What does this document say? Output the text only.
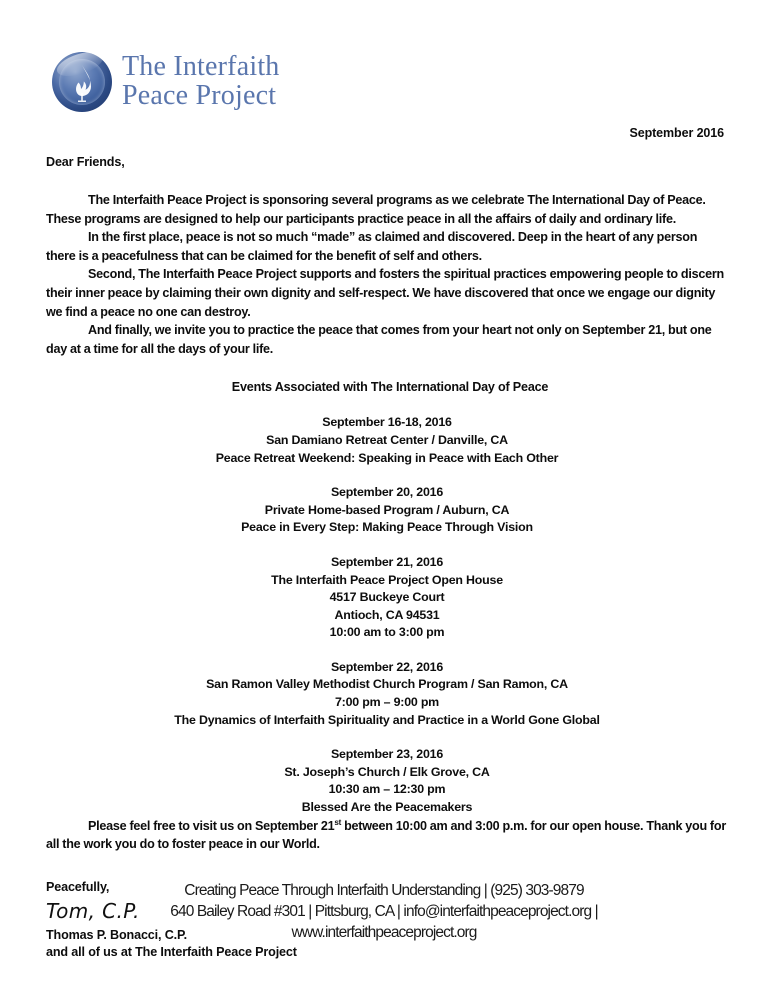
The Interfaith
Peace Project
September 2016
Dear Friends,

The Interfaith Peace Project is sponsoring several programs as we celebrate The International Day of Peace. These programs are designed to help our participants practice peace in all the affairs of daily and ordinary life.

In the first place, peace is not so much “made” as claimed and discovered. Deep in the heart of any person there is a peacefulness that can be claimed for the benefit of self and others.

Second, The Interfaith Peace Project supports and fosters the spiritual practices empowering people to discern their inner peace by claiming their own dignity and self-respect. We have discovered that once we engage our dignity we find a peace no one can destroy.

And finally, we invite you to practice the peace that comes from your heart not only on September 21, but one day at a time for all the days of your life.

Events Associated with The International Day of Peace
September 16-18, 2016
San Damiano Retreat Center / Danville, CA
Peace Retreat Weekend: Speaking in Peace with Each Other
September 20, 2016
Private Home-based Program / Auburn, CA
Peace in Every Step: Making Peace Through Vision
September 21, 2016
The Interfaith Peace Project Open House
4517 Buckeye Court
Antioch, CA 94531
10:00 am to 3:00 pm
September 22, 2016
San Ramon Valley Methodist Church Program / San Ramon, CA
7:00 pm – 9:00 pm
The Dynamics of Interfaith Spirituality and Practice in a World Gone Global
September 23, 2016
St. Joseph’s Church / Elk Grove, CA
10:30 am – 12:30 pm
Blessed Are the Peacemakers

Please feel free to visit us on September 21st between 10:00 am and 3:00 p.m. for our open house. Thank you for all the work you do to foster peace in our World.

Peacefully,
Tom, C.P.
Thomas P. Bonacci, C.P.
and all of us at The Interfaith Peace Project
Creating Peace Through Interfaith Understanding | (925) 303-9879
640 Bailey Road #301 | Pittsburg, CA | info@interfaithpeaceproject.org |
www.interfaithpeaceproject.org
